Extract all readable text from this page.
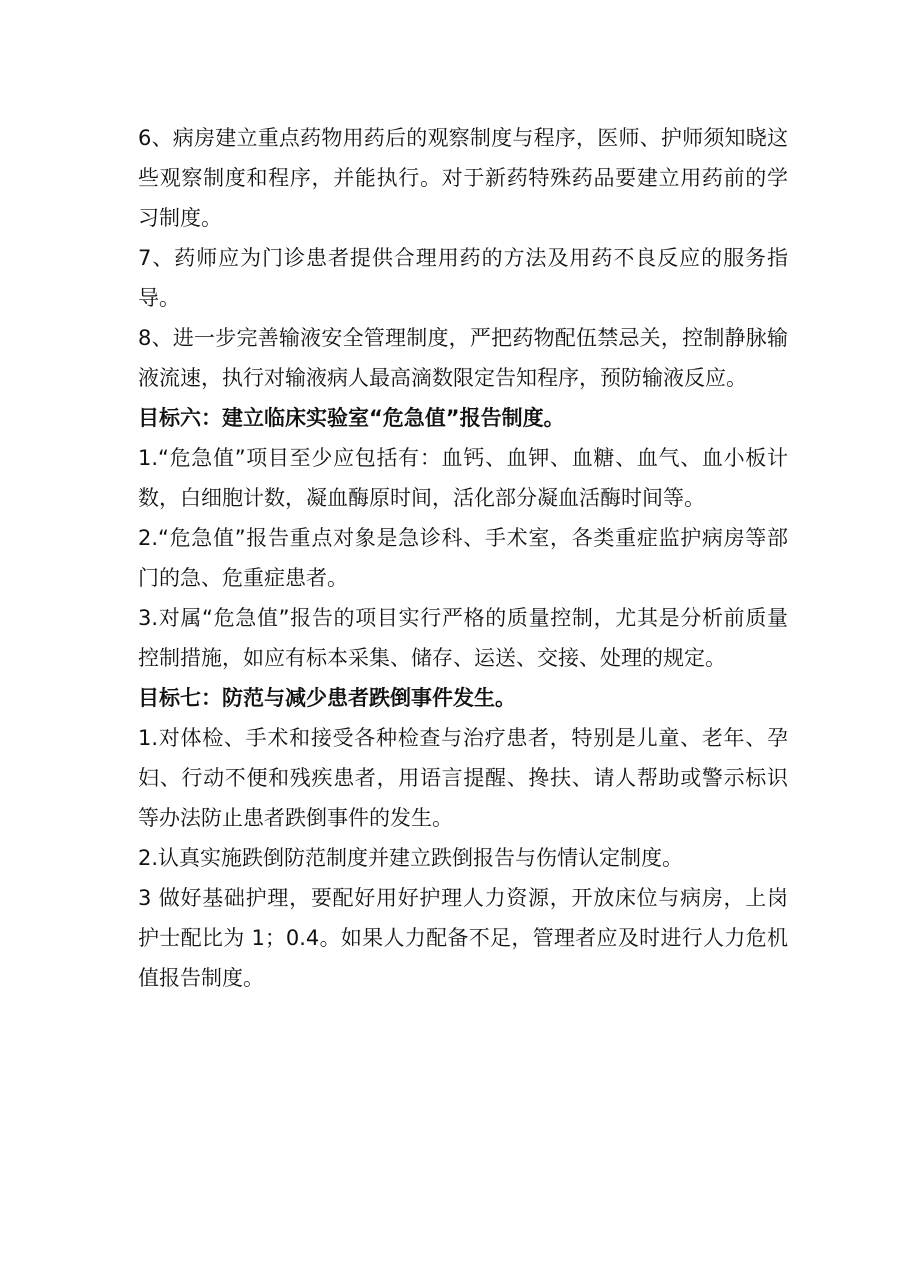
6、病房建立重点药物用药后的观察制度与程序，医师、护师须知晓这些观察制度和程序，并能执行。对于新药特殊药品要建立用药前的学习制度。

7、药师应为门诊患者提供合理用药的方法及用药不良反应的服务指导。

8、进一步完善输液安全管理制度，严把药物配伍禁忌关，控制静脉输液流速，执行对输液病人最高滴数限定告知程序，预防输液反应。

目标六：建立临床实验室“危急值”报告制度。

1.“危急值”项目至少应包括有：血钙、血钾、血糖、血气、血小板计数，白细胞计数，凝血酶原时间，活化部分凝血活酶时间等。

2.“危急值”报告重点对象是急诊科、手术室，各类重症监护病房等部门的急、危重症患者。

3.对属“危急值”报告的项目实行严格的质量控制，尤其是分析前质量控制措施，如应有标本采集、储存、运送、交接、处理的规定。

目标七：防范与减少患者跌倒事件发生。

1.对体检、手术和接受各种检查与治疗患者，特别是儿童、老年、孕妇、行动不便和残疾患者，用语言提醒、搀扶、请人帮助或警示标识等办法防止患者跌倒事件的发生。

2.认真实施跌倒防范制度并建立跌倒报告与伤情认定制度。

3 做好基础护理，要配好用好护理人力资源，开放床位与病房，上岗护士配比为 1；0.4。如果人力配备不足，管理者应及时进行人力危机值报告制度。
